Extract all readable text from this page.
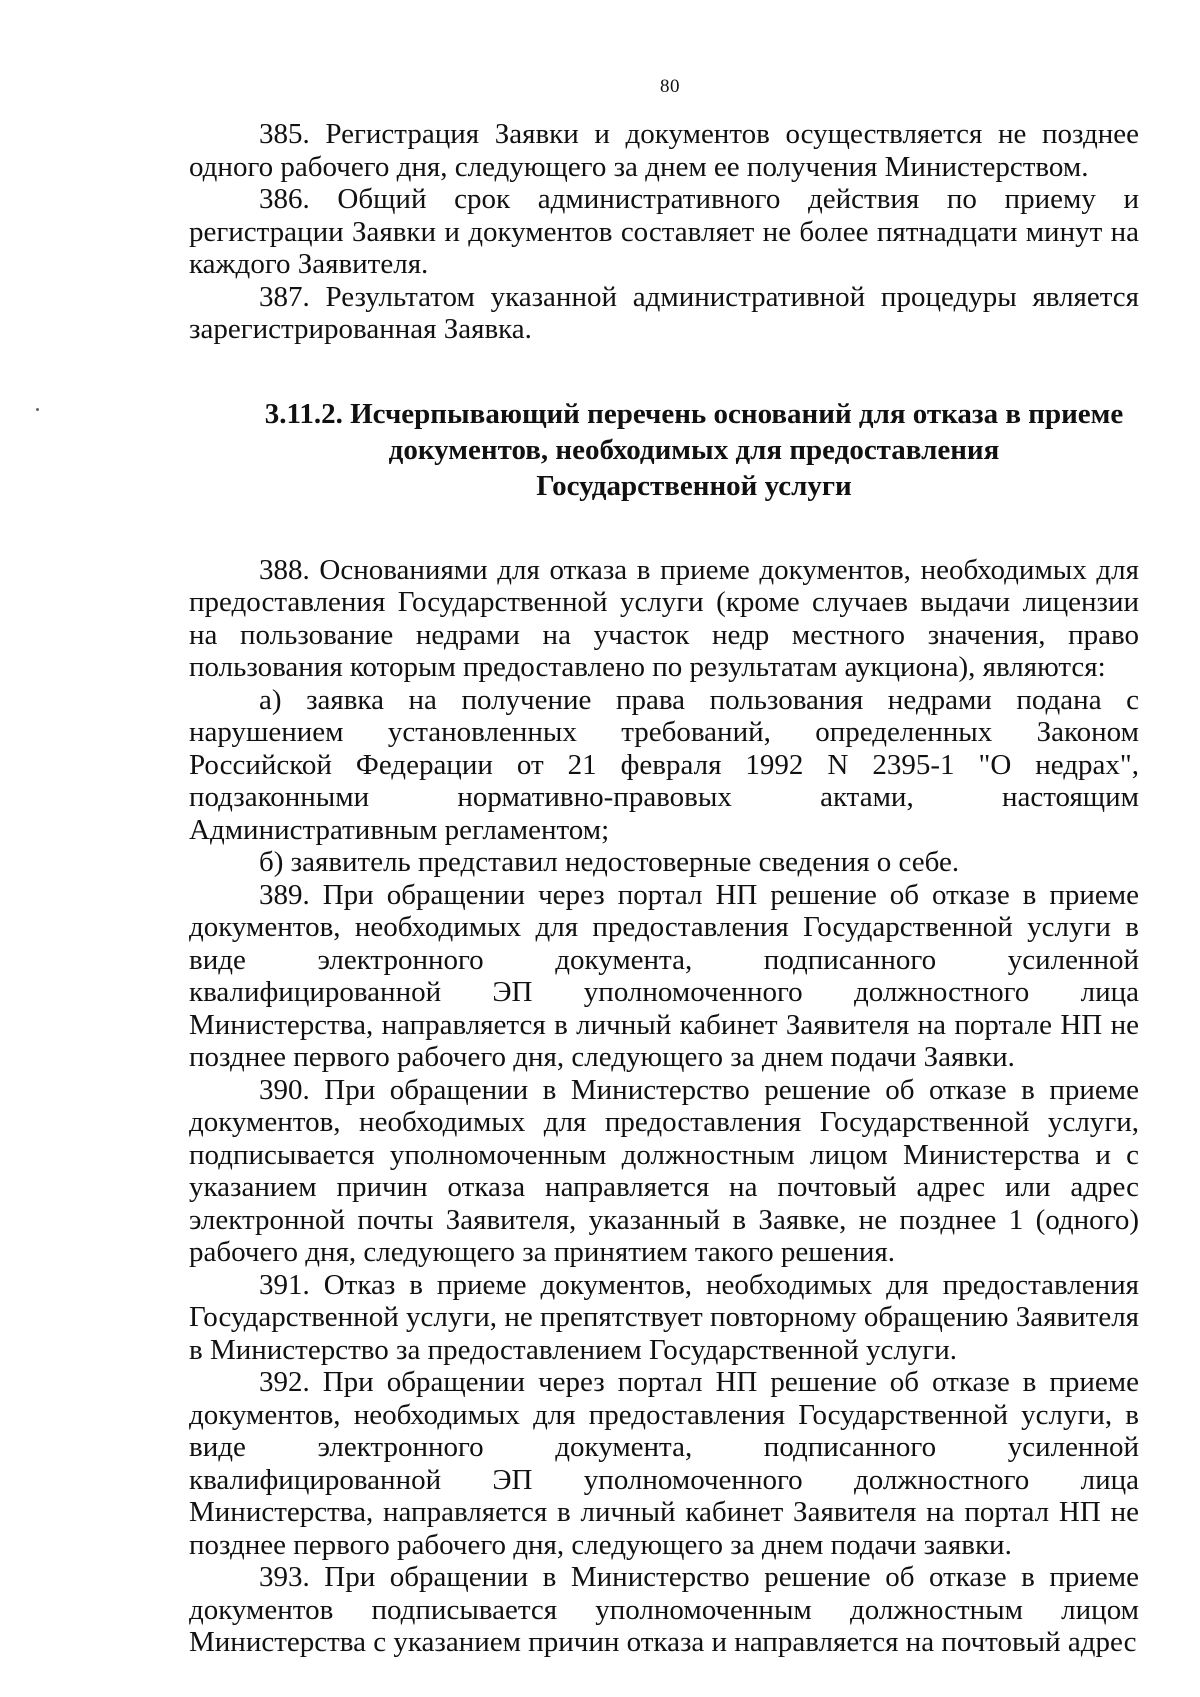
80

385. Регистрация Заявки и документов осуществляется не позднее одного рабочего дня, следующего за днем ее получения Министерством.

386. Общий срок административного действия по приему и регистрации Заявки и документов составляет не более пятнадцати минут на каждого Заявителя.

387. Результатом указанной административной процедуры является зарегистрированная Заявка.

3.11.2. Исчерпывающий перечень оснований для отказа в приеме
документов, необходимых для предоставления
Государственной услуги

388. Основаниями для отказа в приеме документов, необходимых для предоставления Государственной услуги (кроме случаев выдачи лицензии на пользование недрами на участок недр местного значения, право пользования которым предоставлено по результатам аукциона), являются:

а) заявка на получение права пользования недрами подана с нарушением установленных требований, определенных Законом Российской Федерации от 21 февраля 1992 N 2395-1 "О недрах", подзаконными нормативно-правовых актами, настоящим Административным регламентом;

б) заявитель представил недостоверные сведения о себе.

389. При обращении через портал НП решение об отказе в приеме документов, необходимых для предоставления Государственной услуги в виде электронного документа, подписанного усиленной квалифицированной ЭП уполномоченного должностного лица Министерства, направляется в личный кабинет Заявителя на портале НП не позднее первого рабочего дня, следующего за днем подачи Заявки.

390. При обращении в Министерство решение об отказе в приеме документов, необходимых для предоставления Государственной услуги, подписывается уполномоченным должностным лицом Министерства и с указанием причин отказа направляется на почтовый адрес или адрес электронной почты Заявителя, указанный в Заявке, не позднее 1 (одного) рабочего дня, следующего за принятием такого решения.

391. Отказ в приеме документов, необходимых для предоставления Государственной услуги, не препятствует повторному обращению Заявителя в Министерство за предоставлением Государственной услуги.

392. При обращении через портал НП решение об отказе в приеме документов, необходимых для предоставления Государственной услуги, в виде электронного документа, подписанного усиленной квалифицированной ЭП уполномоченного должностного лица Министерства, направляется в личный кабинет Заявителя на портал НП не позднее первого рабочего дня, следующего за днем подачи заявки.

393. При обращении в Министерство решение об отказе в приеме документов подписывается уполномоченным должностным лицом Министерства с указанием причин отказа и направляется на почтовый адрес
